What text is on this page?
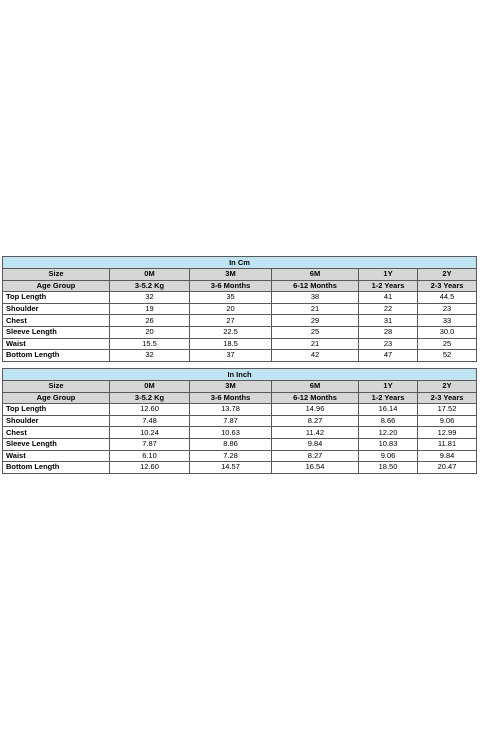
In Cm					
Size	0M	3M	6M	1Y	2Y
Age Group	3-5.2 Kg	3-6 Months	6-12 Months	1-2 Years	2-3 Years
Top Length	32	35	38	41	44.5
Shoulder	19	20	21	22	23
Chest	26	27	29	31	33
Sleeve Length	20	22.5	25	28	30.0
Waist	15.5	18.5	21	23	25
Bottom Length	32	37	42	47	52
In Inch					
Size	0M	3M	6M	1Y	2Y
Age Group	3-5.2 Kg	3-6 Months	6-12 Months	1-2 Years	2-3 Years
Top Length	12.60	13.78	14.96	16.14	17.52
Shoulder	7.48	7.87	8.27	8.66	9.06
Chest	10.24	10.63	11.42	12.20	12.99
Sleeve Length	7.87	8.86	9.84	10.83	11.81
Waist	6.10	7.28	8.27	9.06	9.84
Bottom Length	12.60	14.57	16.54	18.50	20.47
